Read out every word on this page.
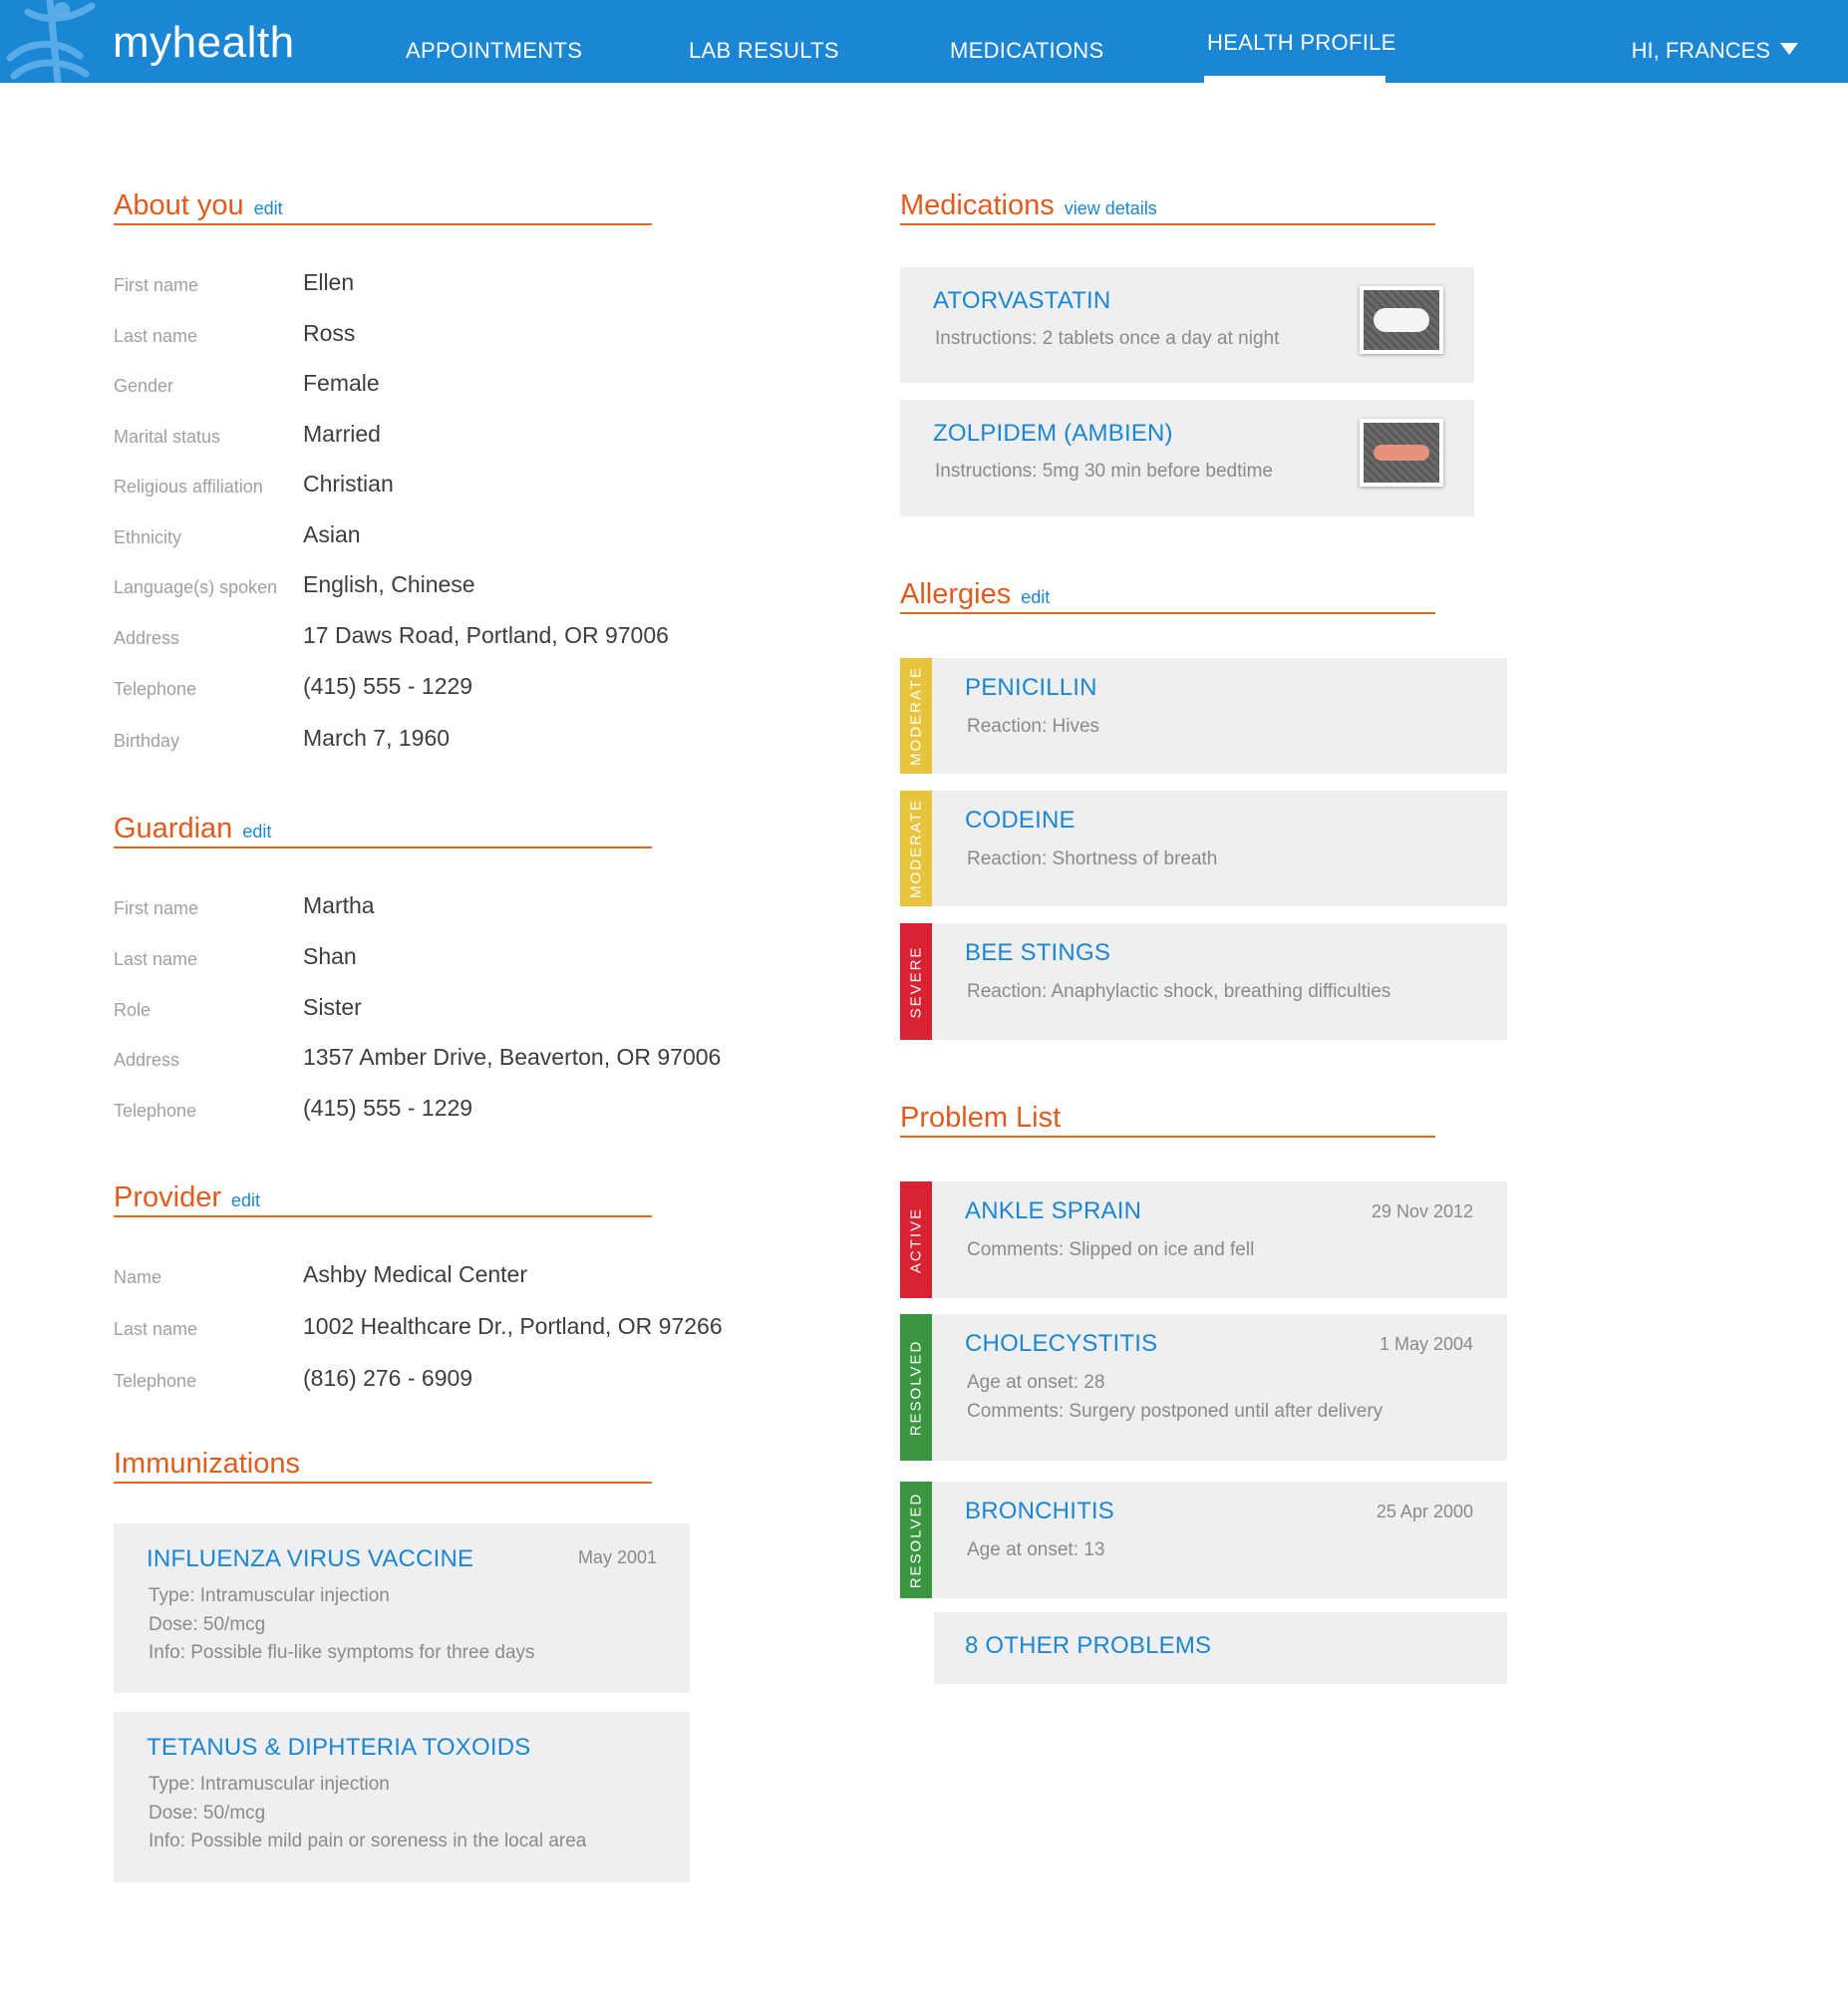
myhealth	APPOINTMENTS	LAB RESULTS	MEDICATIONS	HEALTH PROFILE	HI, FRANCES
About you edit
First name	Ellen
Last name	Ross
Gender	Female
Marital status	Married
Religious affiliation Christian
Ethnicity	Asian
Language(s) spoken English, Chinese
Address	17 Daws Road, Portland, OR 97006
Telephone	(415) 555 - 1229
Birthday	March 7, 1960
Guardian edit
First name	Martha
Last name	Shan
Role	Sister
Address	1357 Amber Drive, Beaverton, OR 97006
Telephone	(415) 555 - 1229
Provider edit
Name	Ashby Medical Center
Last name	1002 Healthcare Dr., Portland, OR 97266
Telephone	(816) 276 - 6909
Immunizations
INFLUENZA VIRUS VACCINE	May 2001
Type: Intramuscular injection
Dose: 50/mcg
Info: Possible flu-like symptoms for three days
TETANUS & DIPHTERIA TOXOIDS
Type: Intramuscular injection
Dose: 50/mcg
Info: Possible mild pain or soreness in the local area
Medications view details
ATORVASTATIN
Instructions: 2 tablets once a day at night
ZOLPIDEM (AMBIEN)
Instructions: 5mg 30 min before bedtime
Allergies edit
MODERATE PENICILLIN
Reaction: Hives
MODERATE CODEINE
Reaction: Shortness of breath
SEVERE BEE STINGS
Reaction: Anaphylactic shock, breathing difficulties
Problem List
ACTIVE ANKLE SPRAIN	29 Nov 2012
Comments: Slipped on ice and fell
RESOLVED CHOLECYSTITIS	1 May 2004
Age at onset: 28
Comments: Surgery postponed until after delivery
RESOLVED BRONCHITIS	25 Apr 2000
Age at onset: 13
8 OTHER PROBLEMS
